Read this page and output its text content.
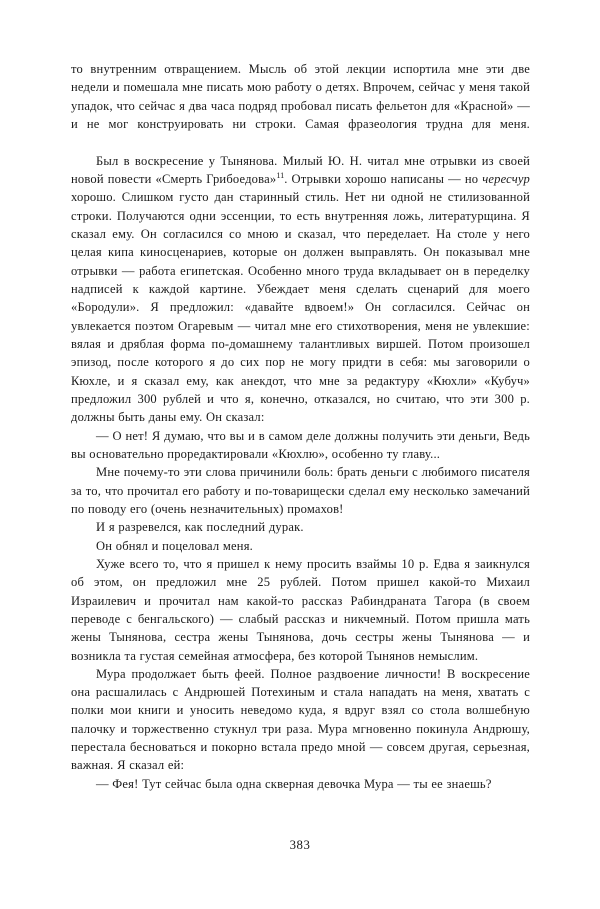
то внутренним отвращением. Мысль об этой лекции испортила мне эти две недели и помешала мне писать мою работу о детях. Впрочем, сейчас у меня такой упадок, что сейчас я два часа подряд пробовал писать фельетон для «Красной» — и не мог конструировать ни строки. Самая фразеология трудна для меня.

Был в воскресение у Тынянова. Милый Ю. Н. читал мне отрывки из своей новой повести «Смерть Грибоедова»$^{11}$. Отрывки хорошо написаны — но чересчур хорошо. Слишком густо дан старинный стиль. Нет ни одной не стилизованной строки. Получаются одни эссенции, то есть внутренняя ложь, литературщина. Я сказал ему. Он согласился со мною и сказал, что переделает. На столе у него целая кипа киносценариев, которые он должен выправлять. Он показывал мне отрывки — работа египетская. Особенно много труда вкладывает он в переделку надписей к каждой картине. Убеждает меня сделать сценарий для моего «Бородули». Я предложил: «давайте вдвоем!» Он согласился. Сейчас он увлекается поэтом Огаревым — читал мне его стихотворения, меня не увлекшие: вялая и дряблая форма по-домашнему талантливых виршей. Потом произошел эпизод, после которого я до сих пор не могу придти в себя: мы заговорили о Кюхле, и я сказал ему, как анекдот, что мне за редактуру «Кюхли» «Кубуч» предложил 300 рублей и что я, конечно, отказался, но считаю, что эти 300 р. должны быть даны ему. Он сказал:

— О нет! Я думаю, что вы и в самом деле должны получить эти деньги, Ведь вы основательно проредактировали «Кюхлю», особенно ту главу...

Мне почему-то эти слова причинили боль: брать деньги с любимого писателя за то, что прочитал его работу и по-товарищески сделал ему несколько замечаний по поводу его (очень незначительных) промахов!

И я разревелся, как последний дурак.

Он обнял и поцеловал меня.

Хуже всего то, что я пришел к нему просить взаймы 10 р. Едва я заикнулся об этом, он предложил мне 25 рублей. Потом пришел какой-то Михаил Израилевич и прочитал нам какой-то рассказ Рабиндраната Тагора (в своем переводе с бенгальского) — слабый рассказ и никчемный. Потом пришла мать жены Тынянова, сестра жены Тынянова, дочь сестры жены Тынянова — и возникла та густая семейная атмосфера, без которой Тынянов немыслим.

Мура продолжает быть феей. Полное раздвоение личности! В воскресение она расшалилась с Андрюшей Потехиным и стала нападать на меня, хватать с полки мои книги и уносить неведомо куда, я вдруг взял со стола волшебную палочку и торжественно стукнул три раза. Мура мгновенно покинула Андрюшу, перестала бесноваться и покорно встала предо мной — совсем другая, серьезная, важная. Я сказал ей:

— Фея! Тут сейчас была одна скверная девочка Мура — ты ее знаешь?

383
